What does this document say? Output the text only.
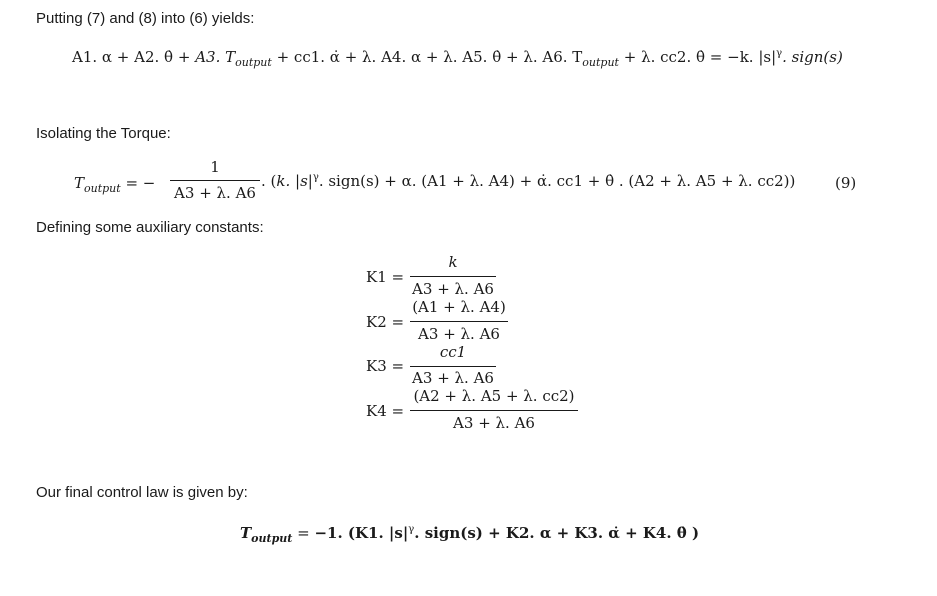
Putting (7) and (8) into (6) yields:
A1. α + A2. θ̇ + A3. $T_{output} + cc1$. α̇ + λ. A4. α + λ. A5. θ̇ + λ. A6. $T_{output} + \lambda$. cc2. θ̇ = −k. $|s|^\gamma$. sign(s)
Isolating the Torque:
$T_{output}$ = −
1
A3 + λ. A6
. (k. $|s|^\gamma$. sign(s) + α. (A1 + λ. A4) + α̇. cc1 + θ̇ . (A2 + λ. A5 + λ. cc2))	(9)
Defining some auxiliary constants:
K1 =
k
A3 + λ. A6
K2 =
(A1 + λ. A4)
A3 + λ. A6
K3 =
cc1
A3 + λ. A6
K4 =
(A2 + λ. A5 + λ. cc2)
A3 + λ. A6
Our final control law is given by:
$T_{output} = -1$. (K1. $|s|^\gamma$. sign(s) + K2. α + K3. α̇ + K4. θ̇ )
